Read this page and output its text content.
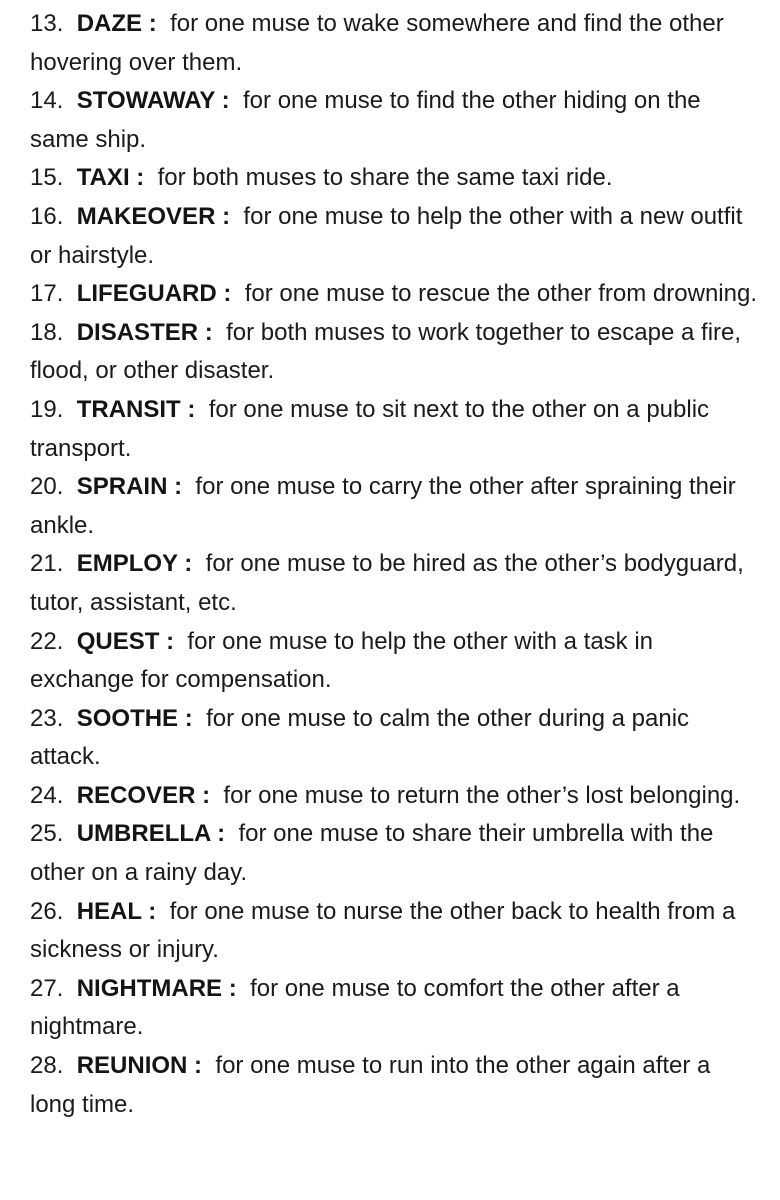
13. DAZE : for one muse to wake somewhere and find the other hovering over them.
14. STOWAWAY : for one muse to find the other hiding on the same ship.
15. TAXI : for both muses to share the same taxi ride.
16. MAKEOVER : for one muse to help the other with a new outfit or hairstyle.
17. LIFEGUARD : for one muse to rescue the other from drowning.
18. DISASTER : for both muses to work together to escape a fire, flood, or other disaster.
19. TRANSIT : for one muse to sit next to the other on a public transport.
20. SPRAIN : for one muse to carry the other after spraining their ankle.
21. EMPLOY : for one muse to be hired as the other’s bodyguard, tutor, assistant, etc.
22. QUEST : for one muse to help the other with a task in exchange for compensation.
23. SOOTHE : for one muse to calm the other during a panic attack.
24. RECOVER : for one muse to return the other’s lost belonging.
25. UMBRELLA : for one muse to share their umbrella with the other on a rainy day.
26. HEAL : for one muse to nurse the other back to health from a sickness or injury.
27. NIGHTMARE : for one muse to comfort the other after a nightmare.
28. REUNION : for one muse to run into the other again after a long time.
